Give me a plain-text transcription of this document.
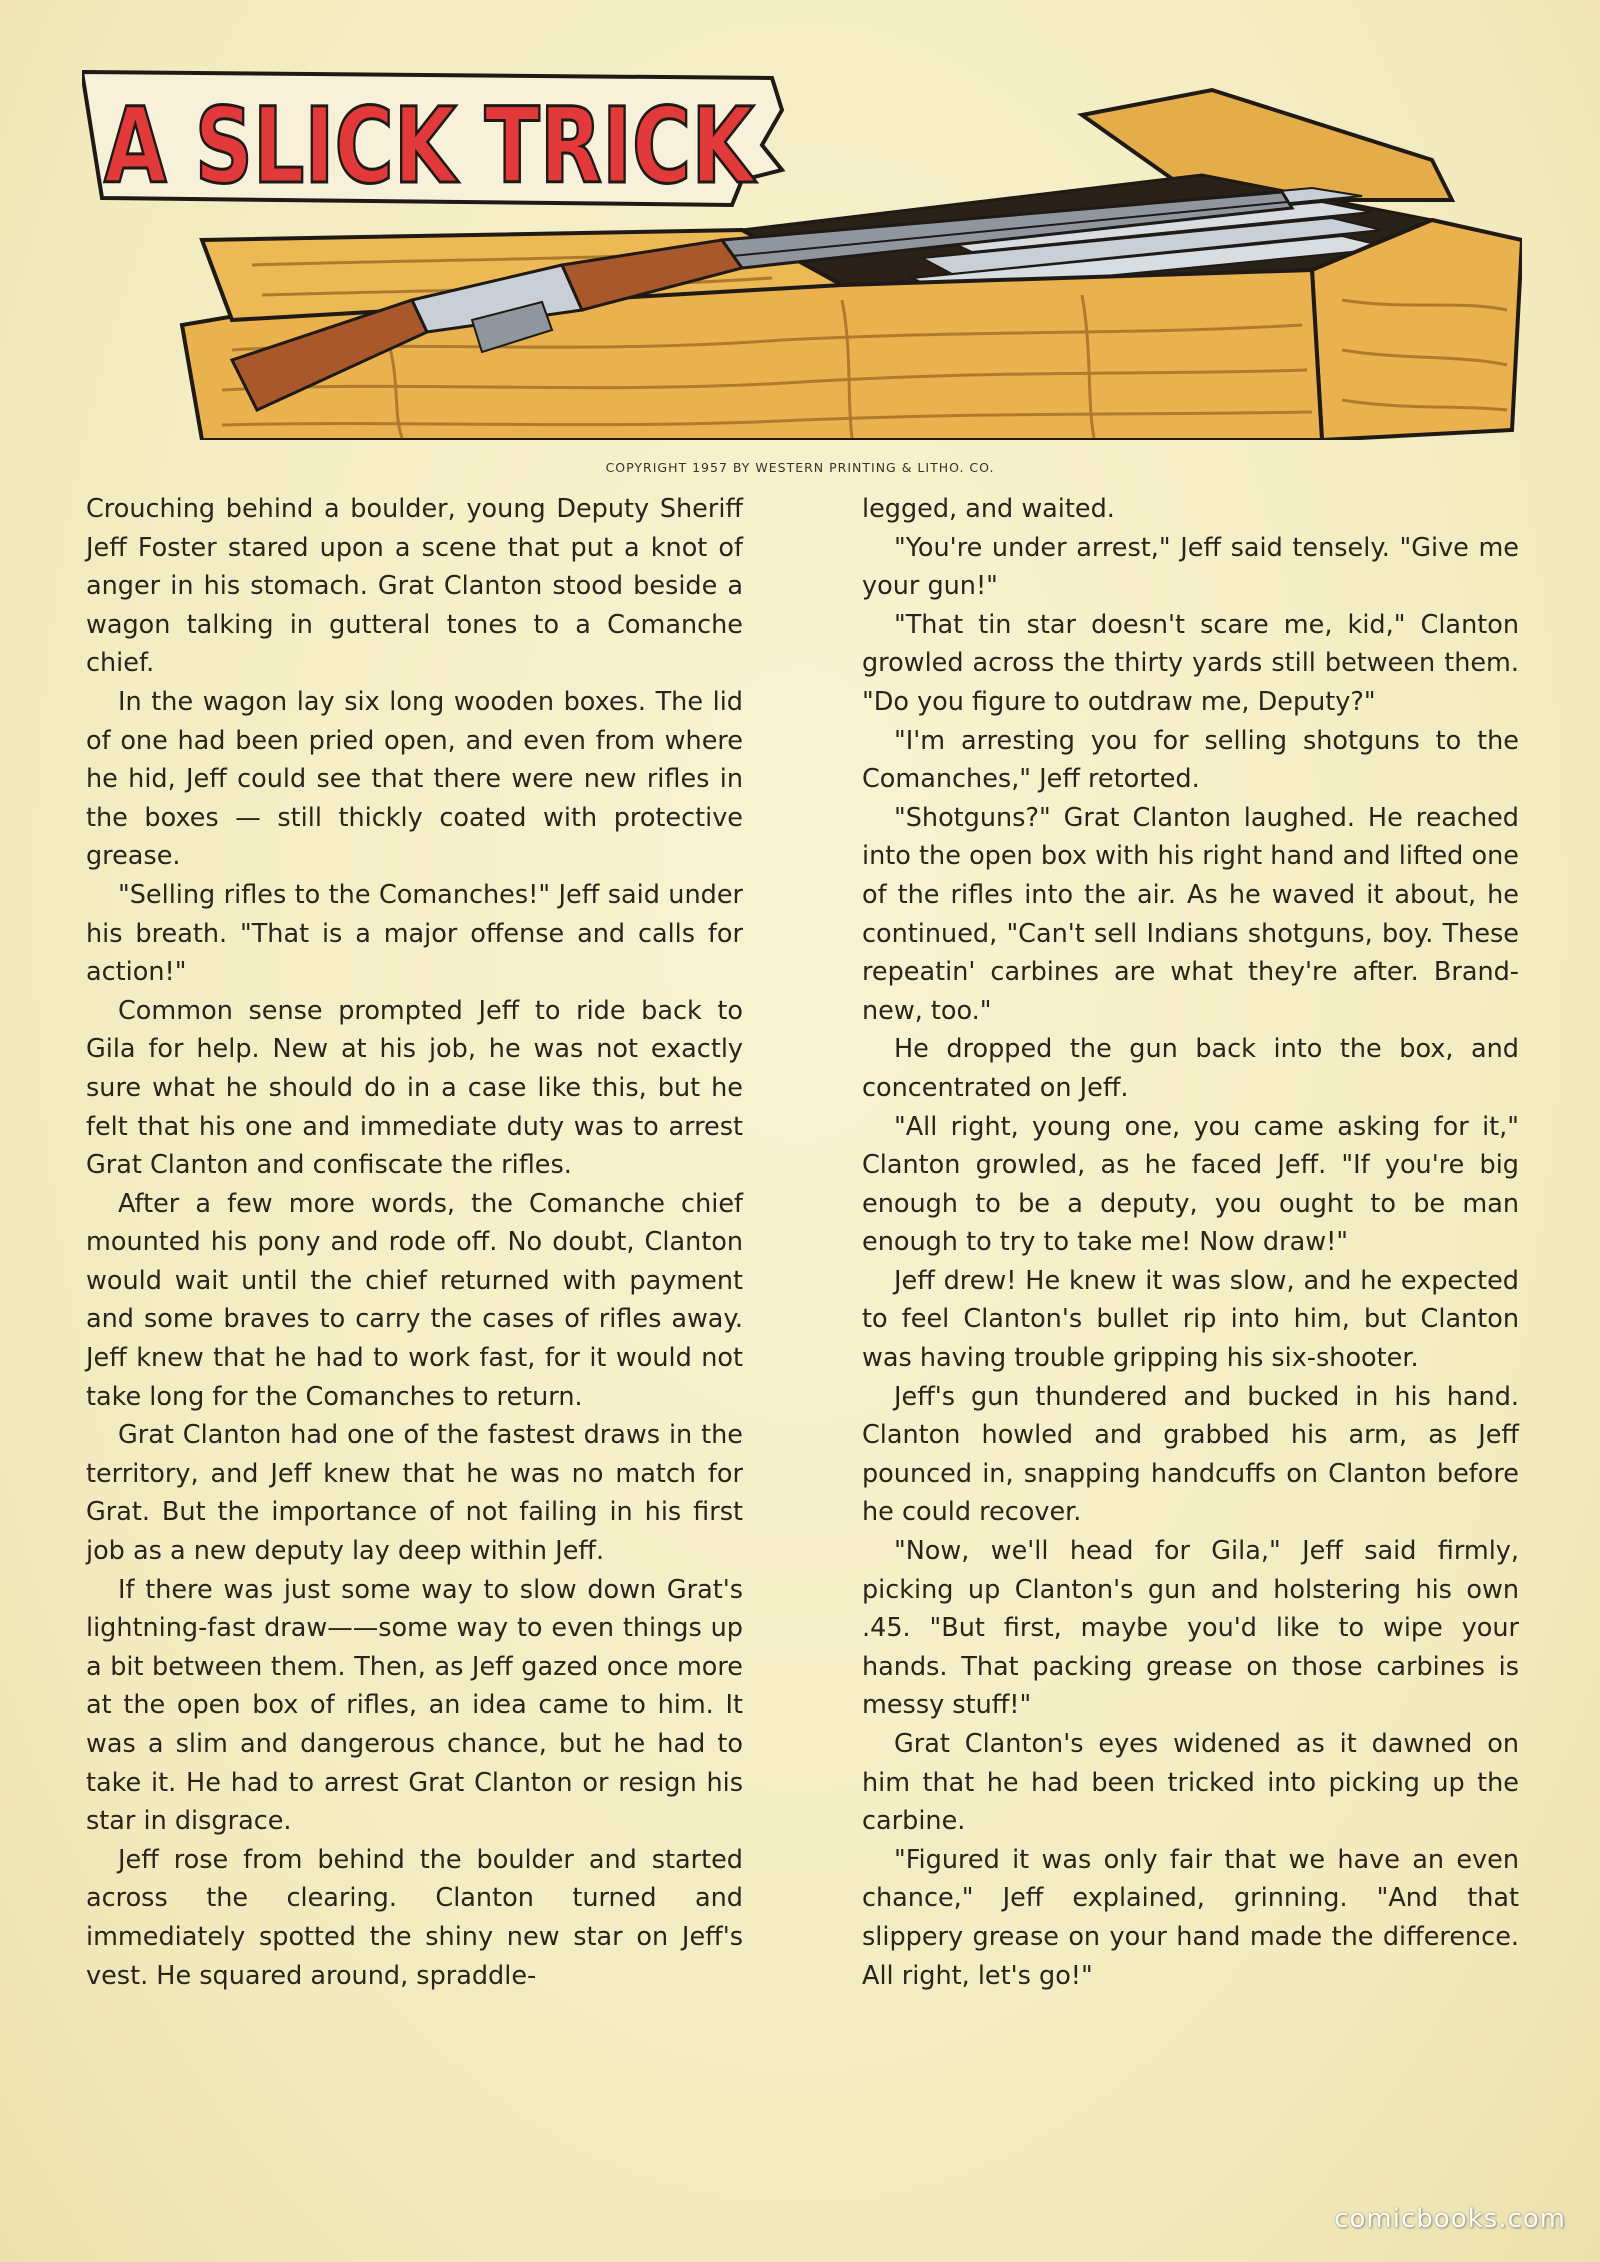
A SLICK TRICK
COPYRIGHT 1957 BY WESTERN PRINTING & LITHO. CO.

Crouching behind a boulder, young Deputy Sheriff Jeff Foster stared upon a scene that put a knot of anger in his stomach. Grat Clanton stood beside a wagon talking in gutteral tones to a Comanche chief.

In the wagon lay six long wooden boxes. The lid of one had been pried open, and even from where he hid, Jeff could see that there were new rifles in the boxes — still thickly coated with protective grease.

"Selling rifles to the Comanches!" Jeff said under his breath. "That is a major offense and calls for action!"

Common sense prompted Jeff to ride back to Gila for help. New at his job, he was not exactly sure what he should do in a case like this, but he felt that his one and immediate duty was to arrest Grat Clanton and confiscate the rifles.

After a few more words, the Comanche chief mounted his pony and rode off. No doubt, Clanton would wait until the chief returned with payment and some braves to carry the cases of rifles away. Jeff knew that he had to work fast, for it would not take long for the Comanches to return.

Grat Clanton had one of the fastest draws in the territory, and Jeff knew that he was no match for Grat. But the importance of not failing in his first job as a new deputy lay deep within Jeff.

If there was just some way to slow down Grat's lightning-fast draw——some way to even things up a bit between them. Then, as Jeff gazed once more at the open box of rifles, an idea came to him. It was a slim and dangerous chance, but he had to take it. He had to arrest Grat Clanton or resign his star in disgrace.

Jeff rose from behind the boulder and started across the clearing. Clanton turned and immediately spotted the shiny new star on Jeff's vest. He squared around, spraddle-

legged, and waited.

"You're under arrest," Jeff said tensely. "Give me your gun!"

"That tin star doesn't scare me, kid," Clanton growled across the thirty yards still between them. "Do you figure to outdraw me, Deputy?"

"I'm arresting you for selling shotguns to the Comanches," Jeff retorted.

"Shotguns?" Grat Clanton laughed. He reached into the open box with his right hand and lifted one of the rifles into the air. As he waved it about, he continued, "Can't sell Indians shotguns, boy. These repeatin' carbines are what they're after. Brand-new, too."

He dropped the gun back into the box, and concentrated on Jeff.

"All right, young one, you came asking for it," Clanton growled, as he faced Jeff. "If you're big enough to be a deputy, you ought to be man enough to try to take me! Now draw!"

Jeff drew! He knew it was slow, and he expected to feel Clanton's bullet rip into him, but Clanton was having trouble gripping his six-shooter.

Jeff's gun thundered and bucked in his hand. Clanton howled and grabbed his arm, as Jeff pounced in, snapping handcuffs on Clanton before he could recover.

"Now, we'll head for Gila," Jeff said firmly, picking up Clanton's gun and holstering his own .45. "But first, maybe you'd like to wipe your hands. That packing grease on those carbines is messy stuff!"

Grat Clanton's eyes widened as it dawned on him that he had been tricked into picking up the carbine.

"Figured it was only fair that we have an even chance," Jeff explained, grinning. "And that slippery grease on your hand made the difference. All right, let's go!"

comicbooks.com
